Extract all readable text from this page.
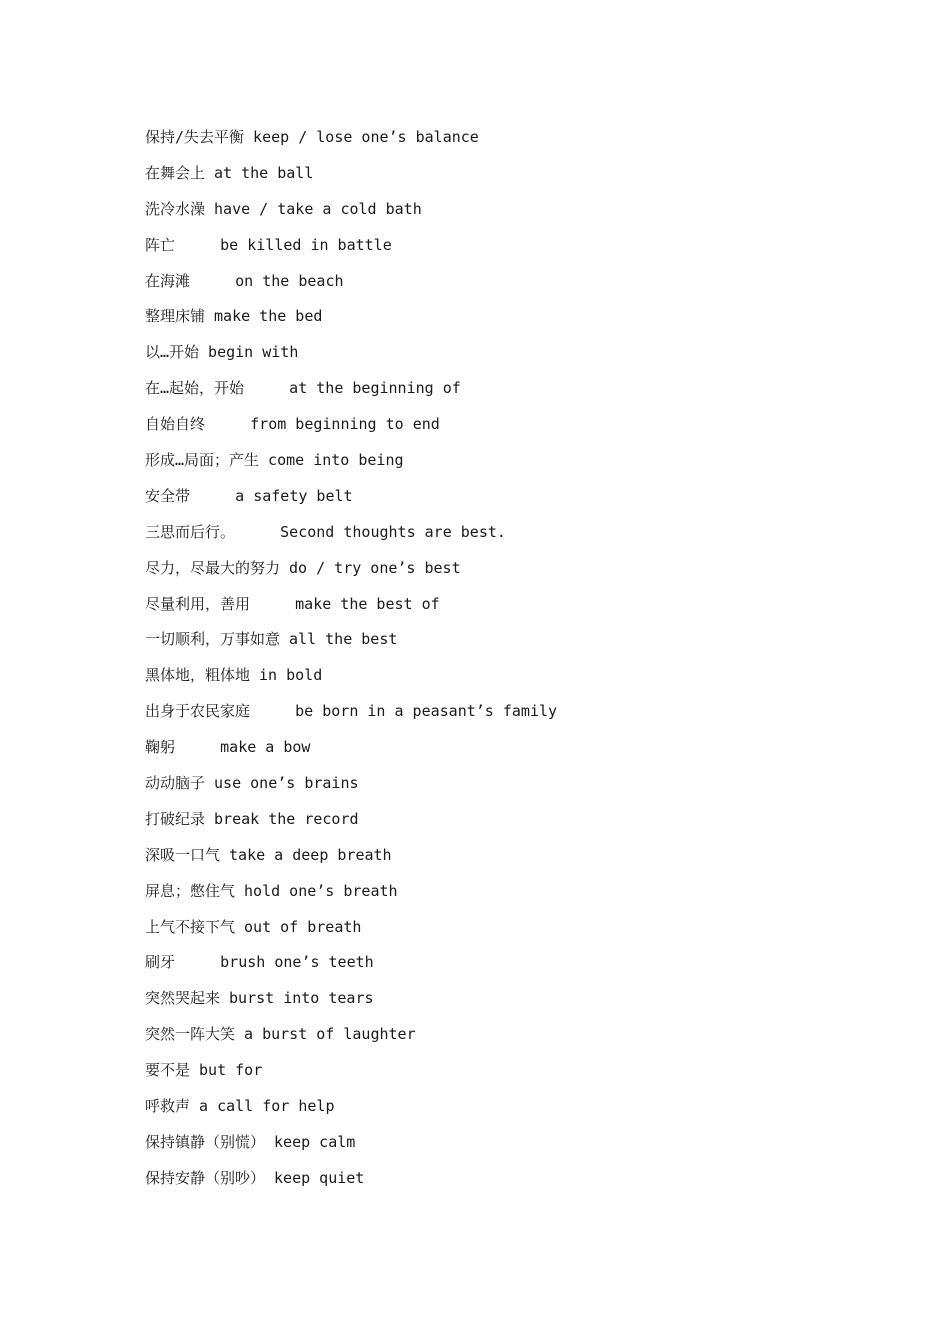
保持/失去平衡 keep / lose one’s balance
在舞会上 at the ball
洗冷水澡 have / take a cold bath
阵亡     be killed in battle
在海滩     on the beach
整理床铺 make the bed
以…开始 begin with
在…起始，开始     at the beginning of
自始自终     from beginning to end
形成…局面；产生 come into being
安全带     a safety belt
三思而后行。     Second thoughts are best.
尽力，尽最大的努力 do / try one’s best
尽量利用，善用     make the best of
一切顺利，万事如意 all the best
黑体地，粗体地 in bold
出身于农民家庭     be born in a peasant’s family
鞠躬     make a bow
动动脑子 use one’s brains
打破纪录 break the record
深吸一口气 take a deep breath
屏息；憋住气 hold one’s breath
上气不接下气 out of breath
刷牙     brush one’s teeth
突然哭起来 burst into tears
突然一阵大笑 a burst of laughter
要不是 but for
呼救声 a call for help
保持镇静（别慌） keep calm
保持安静（别吵） keep quiet
